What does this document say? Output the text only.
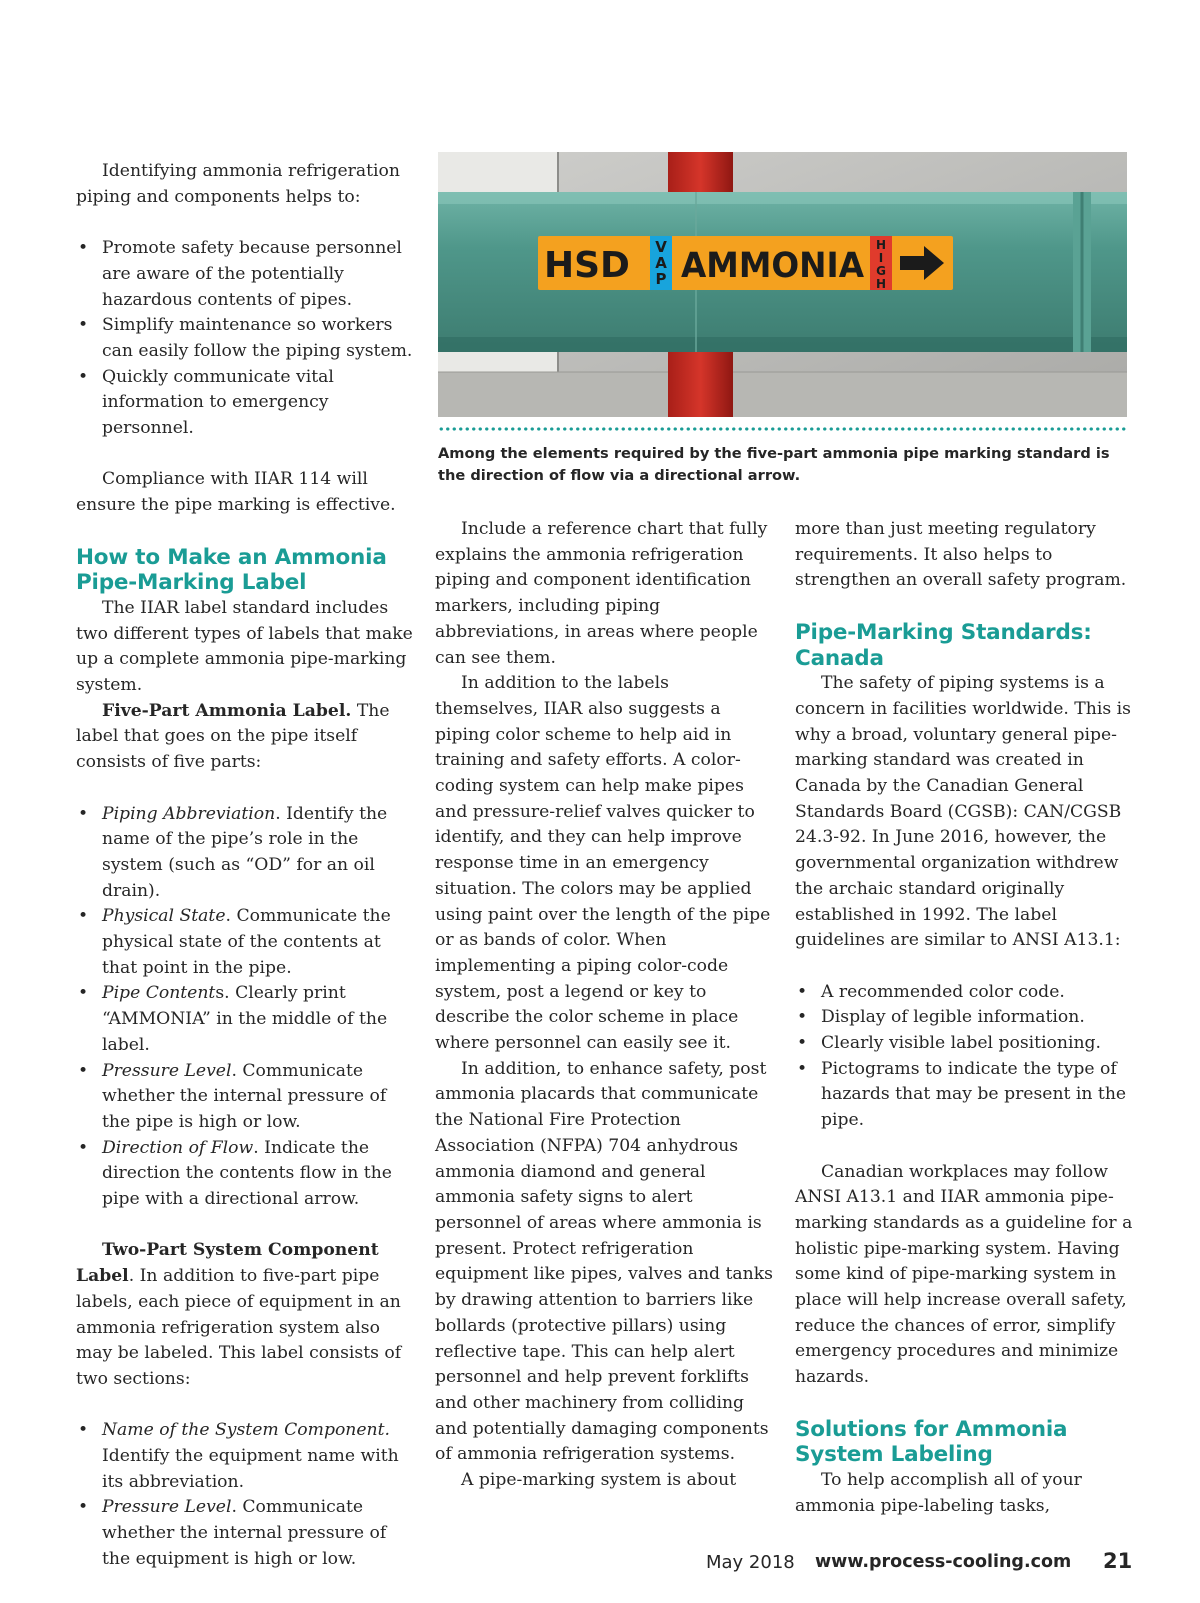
Identifying ammonia refrigeration piping and components helps to:

• Promote safety because personnel are aware of the potentially hazardous contents of pipes.
• Simplify maintenance so workers can easily follow the piping system.
• Quickly communicate vital information to emergency personnel.

Compliance with IIAR 114 will ensure the pipe marking is effective.

How to Make an Ammonia Pipe-Marking Label

The IIAR label standard includes two different types of labels that make up a complete ammonia pipe-marking system.

Five-Part Ammonia Label. The label that goes on the pipe itself consists of five parts:

• Piping Abbreviation. Identify the name of the pipe’s role in the system (such as “OD” for an oil drain).
• Physical State. Communicate the physical state of the contents at that point in the pipe.
• Pipe Contents. Clearly print “AMMONIA” in the middle of the label.
• Pressure Level. Communicate whether the internal pressure of the pipe is high or low.
• Direction of Flow. Indicate the direction the contents flow in the pipe with a directional arrow.

Two-Part System Component Label. In addition to five-part pipe labels, each piece of equipment in an ammonia refrigeration system also may be labeled. This label consists of two sections:

• Name of the System Component. Identify the equipment name with its abbreviation.
• Pressure Level. Communicate whether the internal pressure of the equipment is high or low.
HSD V
A
P AMMONIA
H
I
G
H
Among the elements required by the five-part ammonia pipe marking standard is the direction of flow via a directional arrow.

Include a reference chart that fully explains the ammonia refrigeration piping and component identification markers, including piping abbreviations, in areas where people can see them.

In addition to the labels themselves, IIAR also suggests a piping color scheme to help aid in training and safety efforts. A color-coding system can help make pipes and pressure-relief valves quicker to identify, and they can help improve response time in an emergency situation. The colors may be applied using paint over the length of the pipe or as bands of color. When implementing a piping color-code system, post a legend or key to describe the color scheme in place where personnel can easily see it.

In addition, to enhance safety, post ammonia placards that communicate the National Fire Protection Association (NFPA) 704 anhydrous ammonia diamond and general ammonia safety signs to alert personnel of areas where ammonia is present. Protect refrigeration equipment like pipes, valves and tanks by drawing attention to barriers like bollards (protective pillars) using reflective tape. This can help alert personnel and help prevent forklifts and other machinery from colliding and potentially damaging components of ammonia refrigeration systems.

A pipe-marking system is about

more than just meeting regulatory requirements. It also helps to strengthen an overall safety program.

Pipe-Marking Standards: Canada

The safety of piping systems is a concern in facilities worldwide. This is why a broad, voluntary general pipe-marking standard was created in Canada by the Canadian General Standards Board (CGSB): CAN/CGSB 24.3-92. In June 2016, however, the governmental organization withdrew the archaic standard originally established in 1992. The label guidelines are similar to ANSI A13.1:

• A recommended color code.
• Display of legible information.
• Clearly visible label positioning.
• Pictograms to indicate the type of hazards that may be present in the pipe.

Canadian workplaces may follow ANSI A13.1 and IIAR ammonia pipe-marking standards as a guideline for a holistic pipe-marking system. Having some kind of pipe-marking system in place will help increase overall safety, reduce the chances of error, simplify emergency procedures and minimize hazards.

Solutions for Ammonia System Labeling

To help accomplish all of your ammonia pipe-labeling tasks,

May 2018 www.process-cooling.com 21
